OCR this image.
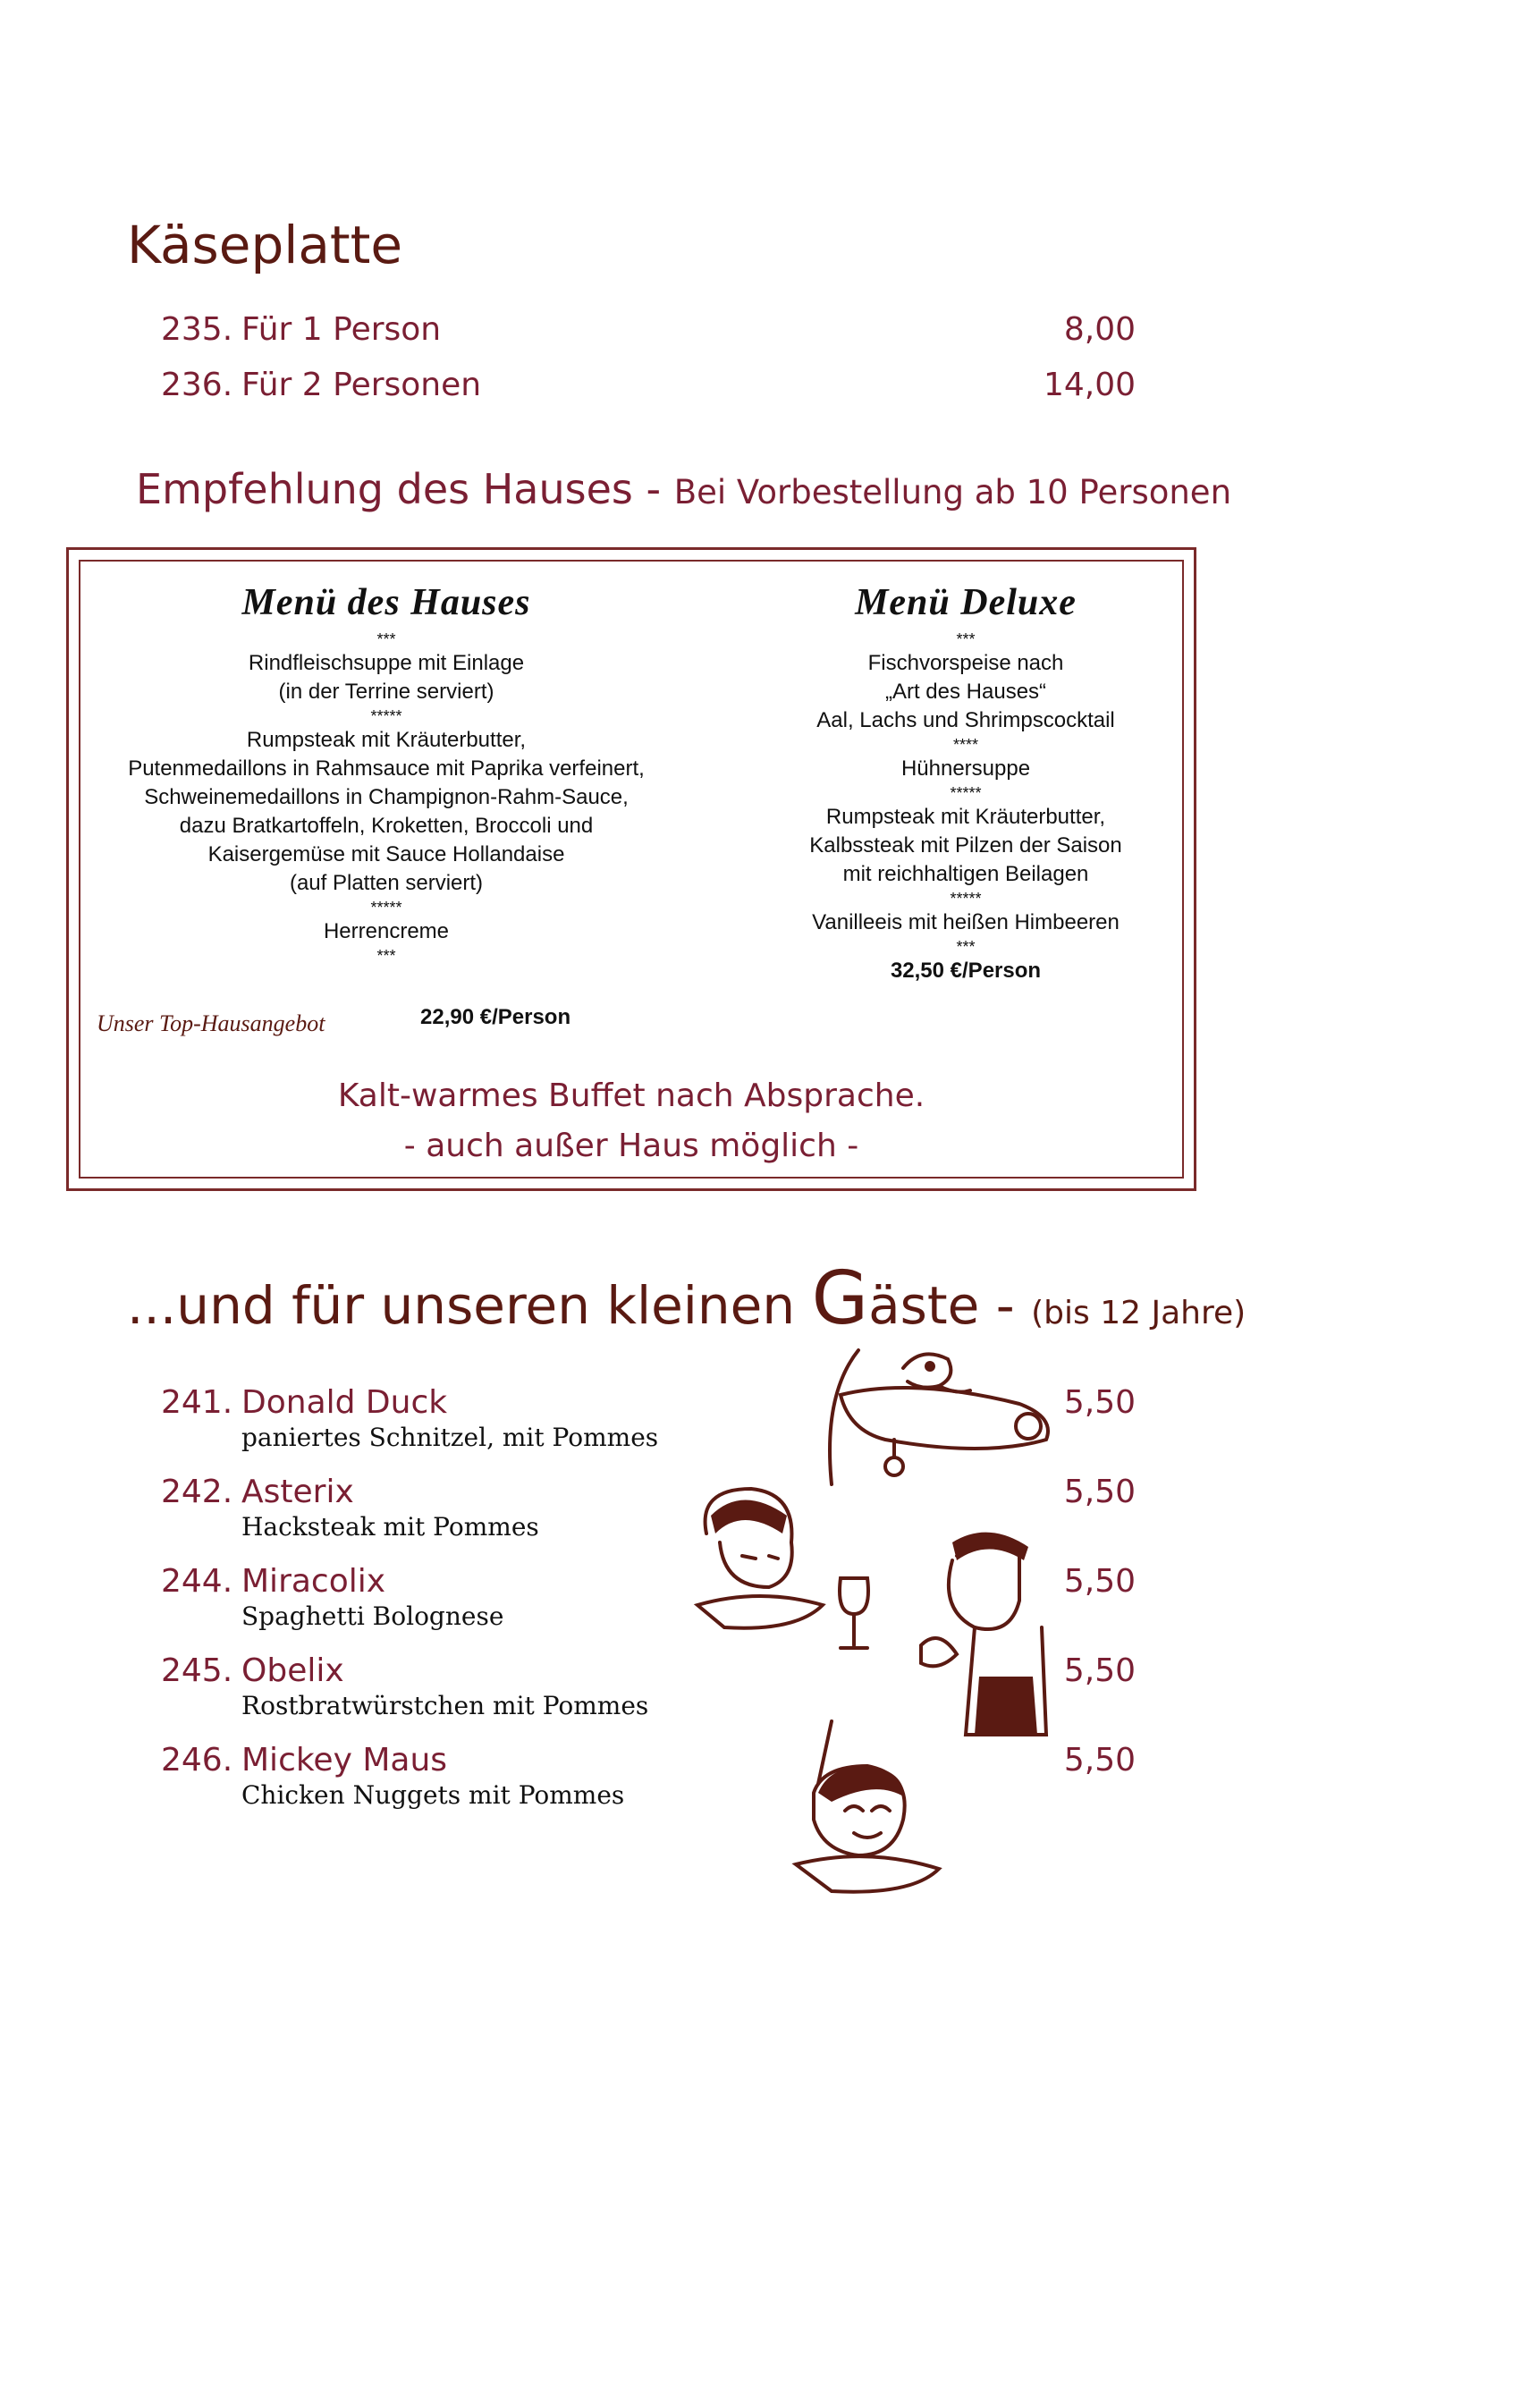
Käseplatte
235. Für 1 Person	8,00
236. Für 2 Personen	14,00
Empfehlung des Hauses - Bei Vorbestellung ab 10 Personen
Menü des Hauses
***
Rindfleischsuppe mit Einlage
(in der Terrine serviert)
*****
Rumpsteak mit Kräuterbutter,
Putenmedaillons in Rahmsauce mit Paprika verfeinert,
Schweinemedaillons in Champignon-Rahm-Sauce,
dazu Bratkartoffeln, Kroketten, Broccoli und
Kaisergemüse mit Sauce Hollandaise
(auf Platten serviert)
*****
Herrencreme
***
Unser Top-Hausangebot	22,90 €/Person
Menü Deluxe
***
Fischvorspeise nach
„Art des Hauses“
Aal, Lachs und Shrimpscocktail
****
Hühnersuppe
*****
Rumpsteak mit Kräuterbutter,
Kalbssteak mit Pilzen der Saison
mit reichhaltigen Beilagen
*****
Vanilleeis mit heißen Himbeeren
***
32,50 €/Person
Kalt-warmes Buffet nach Absprache.
- auch außer Haus möglich -
...und für unseren kleinen Gäste - (bis 12 Jahre)
241. Donald Duck	5,50
paniertes Schnitzel, mit Pommes
242. Asterix	5,50
Hacksteak mit Pommes
244. Miracolix	5,50
Spaghetti Bolognese
245. Obelix	5,50
Rostbratwürstchen mit Pommes
246. Mickey Maus	5,50
Chicken Nuggets mit Pommes
